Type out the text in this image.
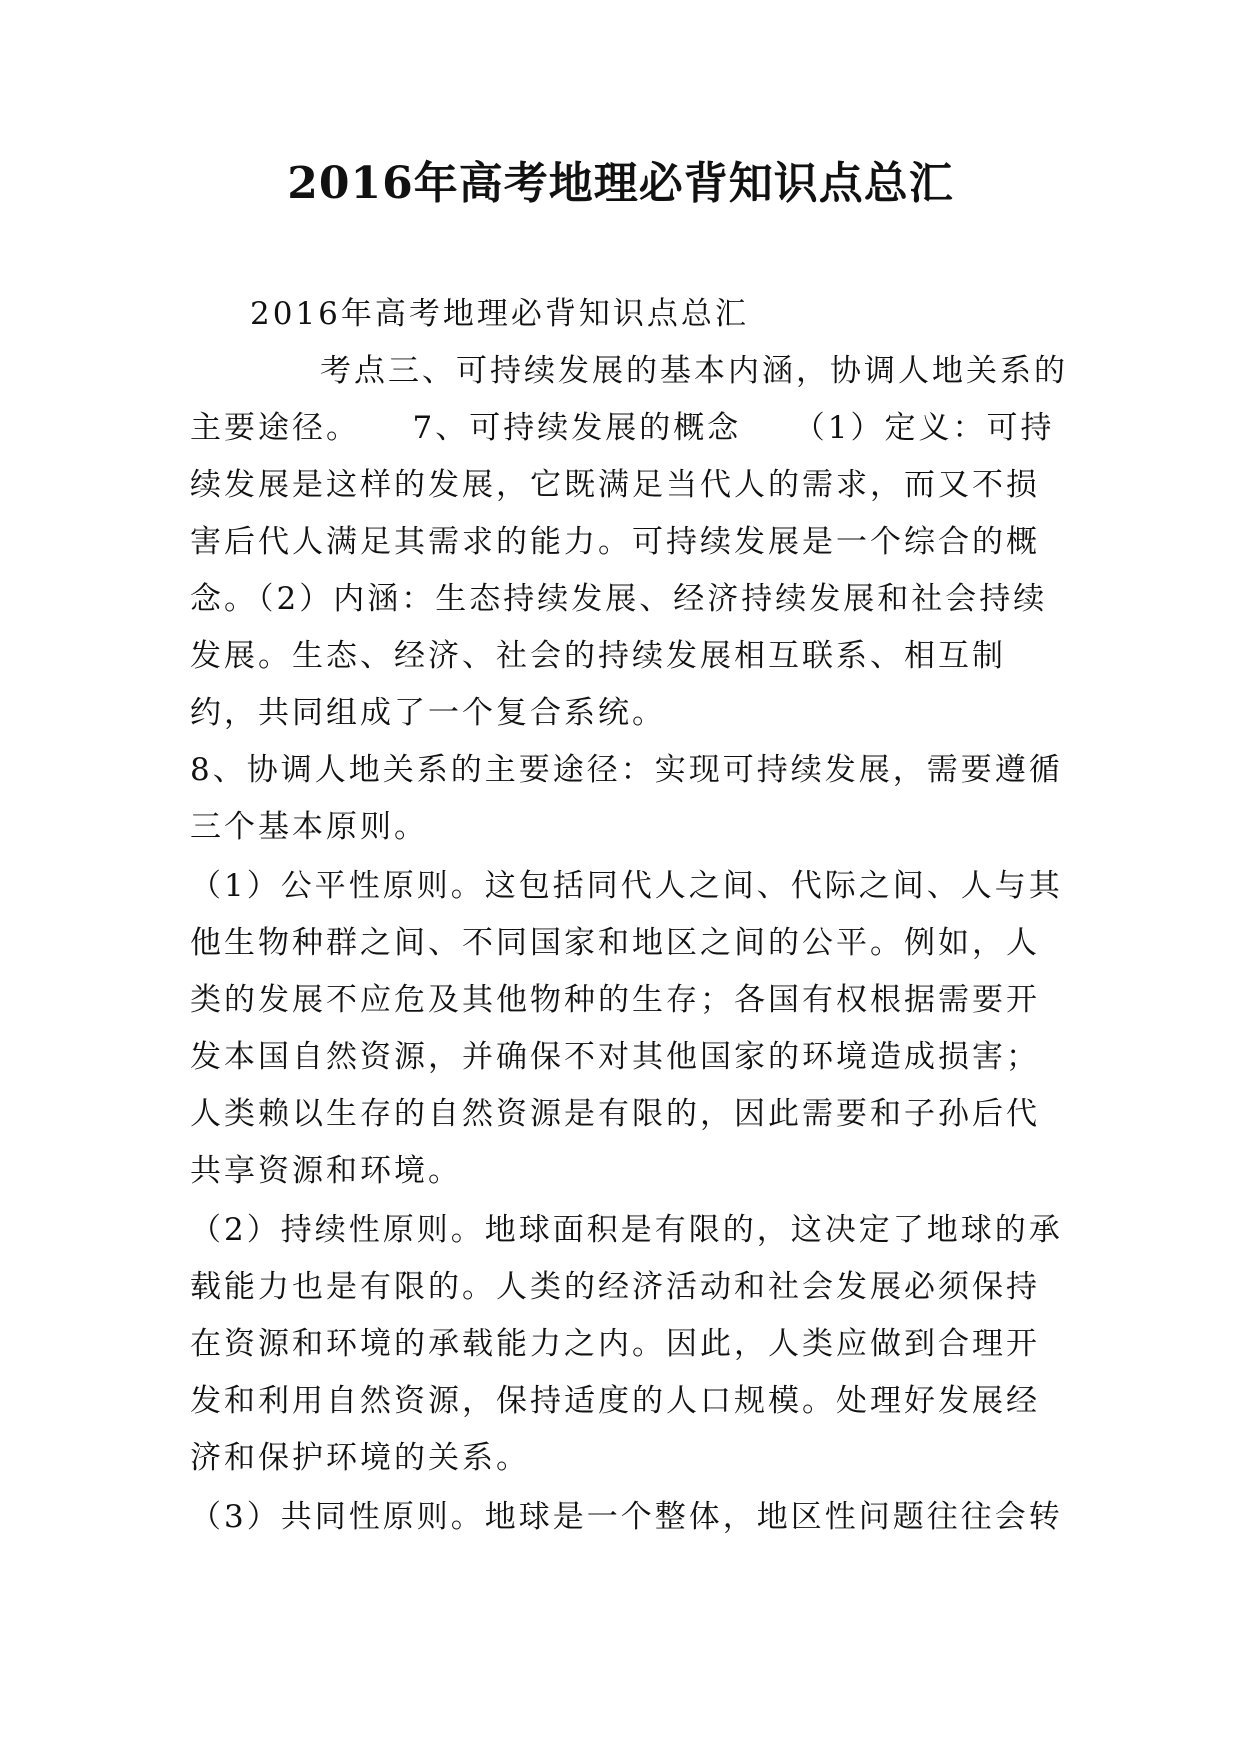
2016年高考地理必背知识点总汇

2016年高考地理必背知识点总汇

考点三、可持续发展的基本内涵，协调人地关系的主要途径。　　7、可持续发展的概念　　（1）定义：可持续发展是这样的发展，它既满足当代人的需求，而又不损害后代人满足其需求的能力。可持续发展是一个综合的概念。（2）内涵：生态持续发展、经济持续发展和社会持续发展。生态、经济、社会的持续发展相互联系、相互制约，共同组成了一个复合系统。

8、协调人地关系的主要途径：实现可持续发展，需要遵循三个基本原则。

（1）公平性原则。这包括同代人之间、代际之间、人与其他生物种群之间、不同国家和地区之间的公平。例如，人类的发展不应危及其他物种的生存；各国有权根据需要开发本国自然资源，并确保不对其他国家的环境造成损害；人类赖以生存的自然资源是有限的，因此需要和子孙后代共享资源和环境。

（2）持续性原则。地球面积是有限的，这决定了地球的承载能力也是有限的。人类的经济活动和社会发展必须保持在资源和环境的承载能力之内。因此，人类应做到合理开发和利用自然资源，保持适度的人口规模。处理好发展经济和保护环境的关系。

（3）共同性原则。地球是一个整体，地区性问题往往会转
